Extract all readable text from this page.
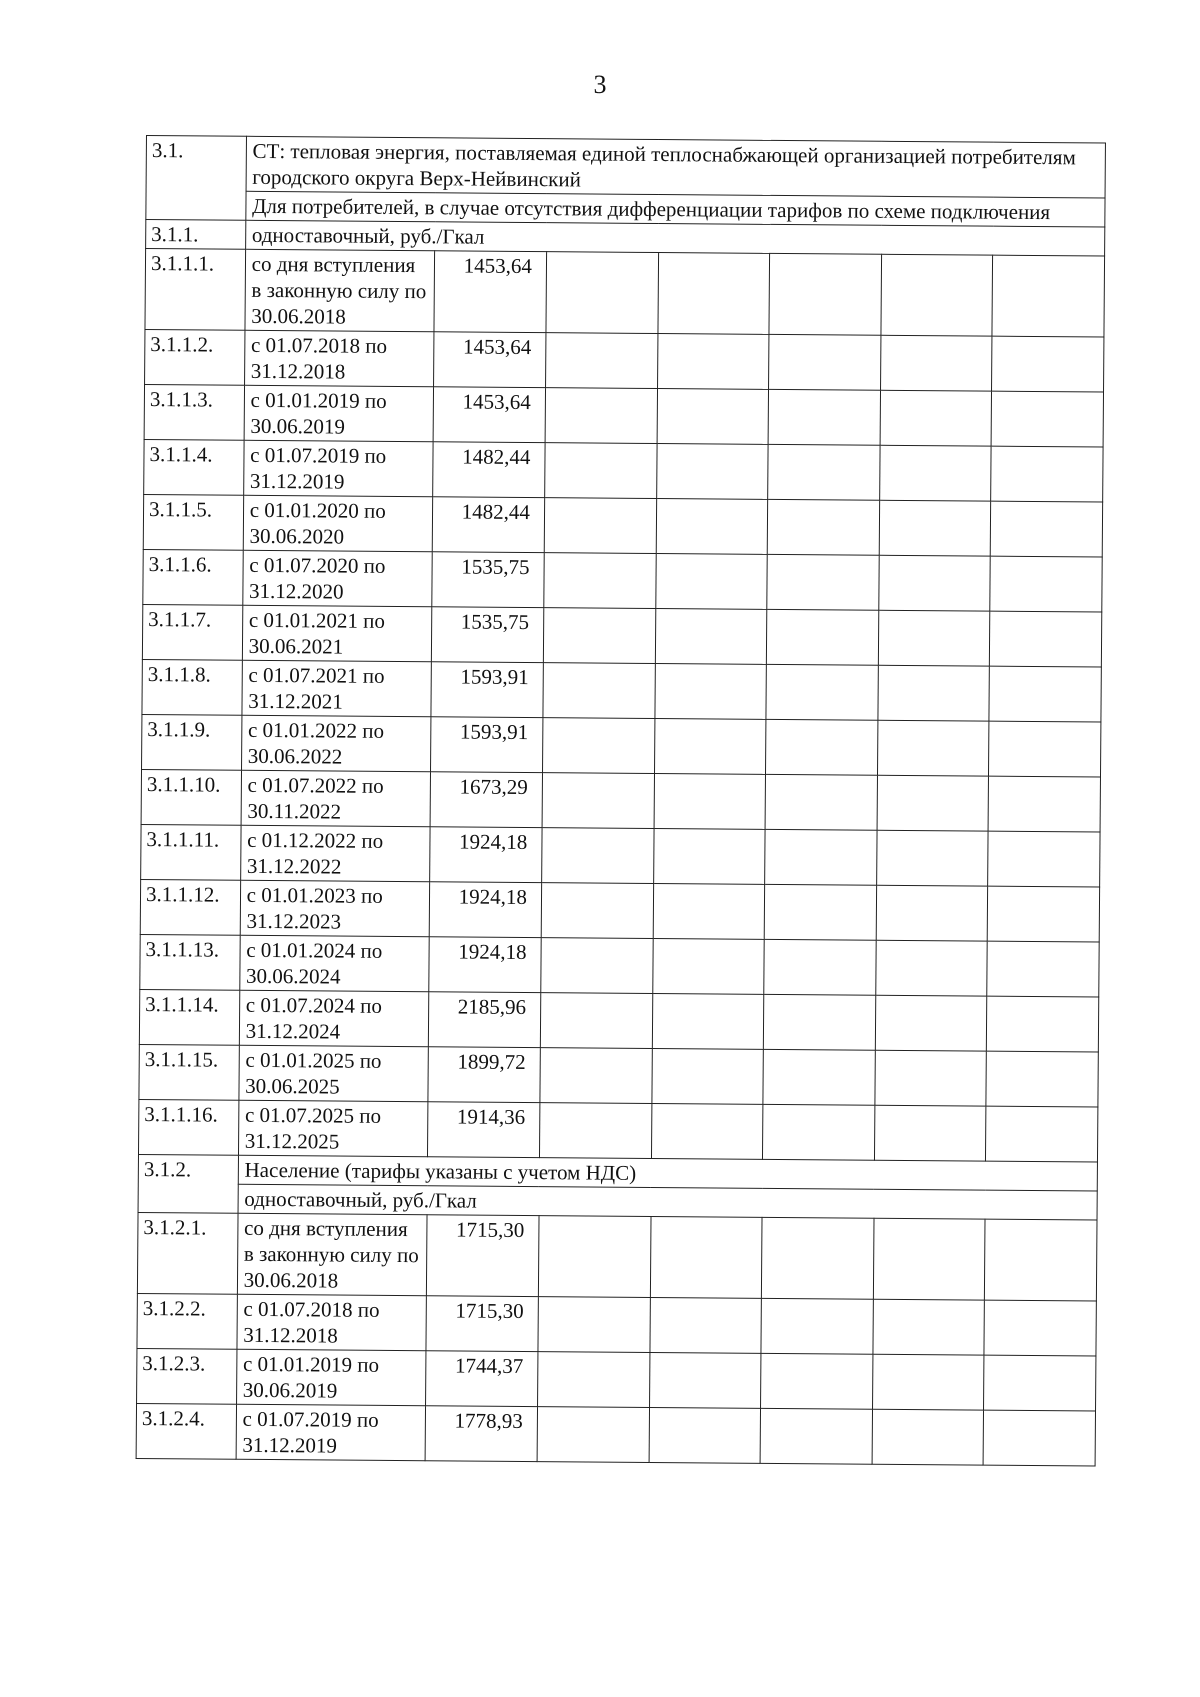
3
3.1.	СТ: тепловая энергия, поставляемая единой теплоснабжающей организацией потребителям городского округа Верх-Нейвинский						
	Для потребителей, в случае отсутствия дифференциации тарифов по схеме подключения						
3.1.1.	одноставочный, руб./Гкал						
3.1.1.1.	со дня вступления в законную силу по 30.06.2018	1453,64					
3.1.1.2.	с 01.07.2018 по 31.12.2018	1453,64					
3.1.1.3.	с 01.01.2019 по 30.06.2019	1453,64					
3.1.1.4.	с 01.07.2019 по 31.12.2019	1482,44					
3.1.1.5.	с 01.01.2020 по 30.06.2020	1482,44					
3.1.1.6.	с 01.07.2020 по 31.12.2020	1535,75					
3.1.1.7.	с 01.01.2021 по 30.06.2021	1535,75					
3.1.1.8.	с 01.07.2021 по 31.12.2021	1593,91					
3.1.1.9.	с 01.01.2022 по 30.06.2022	1593,91					
3.1.1.10.	с 01.07.2022 по 30.11.2022	1673,29					
3.1.1.11.	с 01.12.2022 по 31.12.2022	1924,18					
3.1.1.12.	с 01.01.2023 по 31.12.2023	1924,18					
3.1.1.13.	с 01.01.2024 по 30.06.2024	1924,18					
3.1.1.14.	с 01.07.2024 по 31.12.2024	2185,96					
3.1.1.15.	с 01.01.2025 по 30.06.2025	1899,72					
3.1.1.16.	с 01.07.2025 по 31.12.2025	1914,36					
3.1.2.	Население (тарифы указаны с учетом НДС)						
	одноставочный, руб./Гкал						
3.1.2.1.	со дня вступления в законную силу по 30.06.2018	1715,30					
3.1.2.2.	с 01.07.2018 по 31.12.2018	1715,30					
3.1.2.3.	с 01.01.2019 по 30.06.2019	1744,37					
3.1.2.4.	с 01.07.2019 по 31.12.2019	1778,93					
